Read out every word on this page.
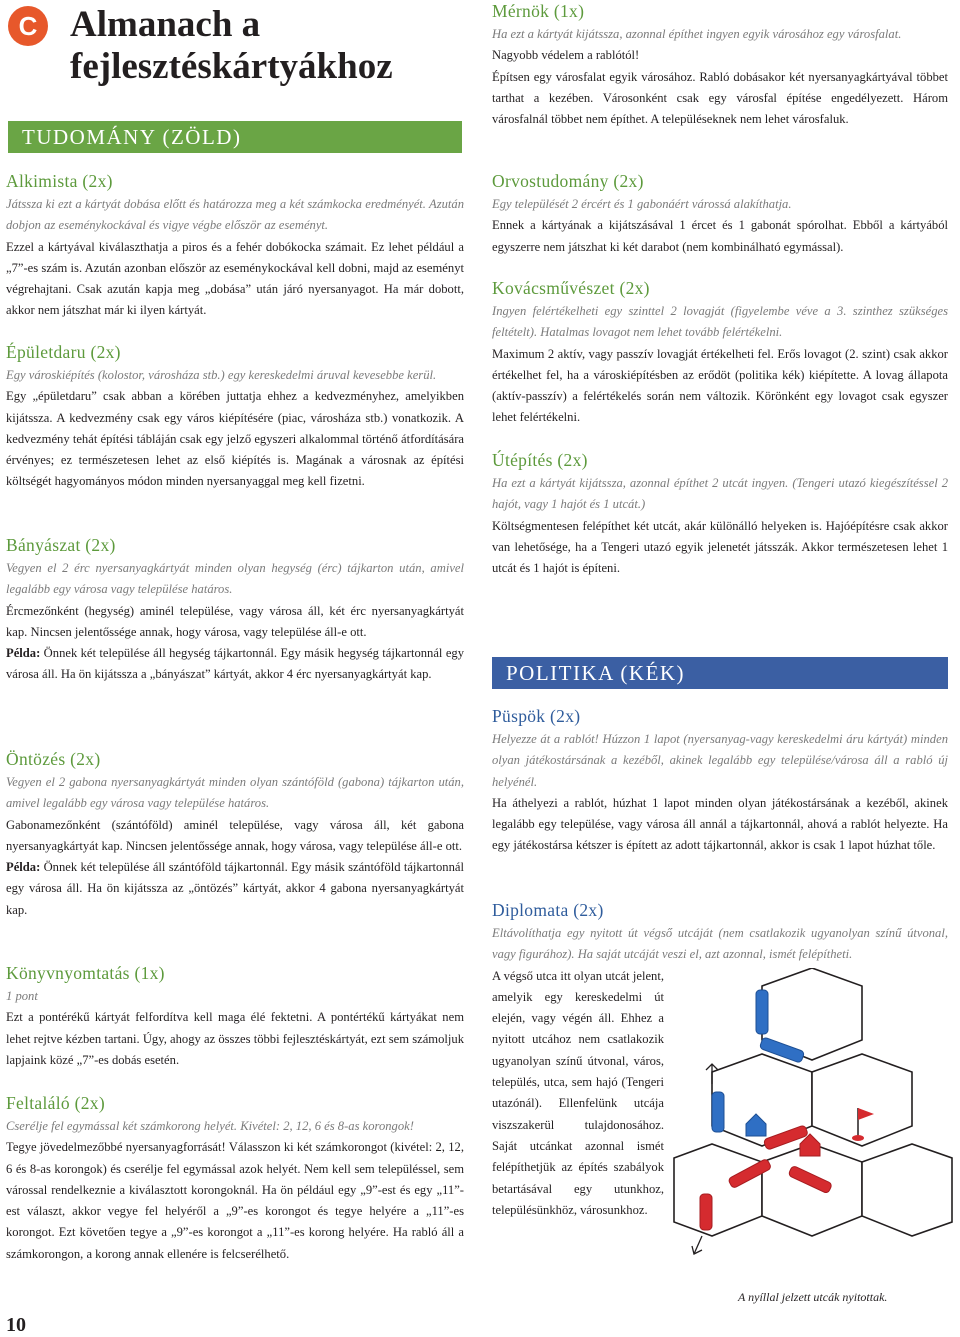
C Almanach a fejlesztéskártyákhoz
TUDOMÁNY (ZÖLD)
POLITIKA (KÉK)
Alkimista (2x)

Játssza ki ezt a kártyát dobása előtt és határozza meg a két számkocka eredményét. Azután dobjon az eseménykockával és vigye végbe először az eseményt.

Ezzel a kártyával kiválaszthatja a piros és a fehér dobókocka számait. Ez lehet például a „7”-es szám is. Azután azonban először az eseménykockával kell dobni, majd az eseményt végrehajtani. Csak azután kapja meg „dobása” után járó nyersanyagot. Ha már dobott, akkor nem játszhat már ki ilyen kártyát.

Épületdaru (2x)

Egy városkiépítés (kolostor, városháza stb.) egy kereskedelmi áruval kevesebbe kerül.

Egy „épületdaru” csak abban a körében juttatja ehhez a kedvezményhez, amelyikben kijátssza. A kedvezmény csak egy város kiépítésére (piac, városháza stb.) vonatkozik. A kedvezmény tehát építési tábláján csak egy jelző egyszeri alkalommal történő átfordítására érvényes; ez természetesen lehet az első kiépítés is. Magának a városnak az építési költségét hagyományos módon minden nyersanyaggal meg kell fizetni.

Bányászat (2x)

Vegyen el 2 érc nyersanyagkártyát minden olyan hegység (érc) tájkarton után, amivel legalább egy városa vagy települése határos.

Ércmezőnként (hegység) aminél települése, vagy városa áll, két érc nyersanyagkártyát kap. Nincsen jelentőssége annak, hogy városa, vagy települése áll-e ott.

Példa: Önnek két települése áll hegység tájkartonnál. Egy másik hegység tájkartonnál egy városa áll. Ha ön kijátssza a „bányászat” kártyát, akkor 4 érc nyersanyagkártyát kap.

Öntözés (2x)

Vegyen el 2 gabona nyersanyagkártyát minden olyan szántóföld (gabona) tájkarton után, amivel legalább egy városa vagy települése határos.

Gabonamezőnként (szántóföld) aminél települése, vagy városa áll, két gabona nyersanyagkártyát kap. Nincsen jelentőssége annak, hogy városa, vagy települése áll-e ott.

Példa: Önnek két települése áll szántóföld tájkartonnál. Egy másik szántóföld tájkartonnál egy városa áll. Ha ön kijátssza az „öntözés” kártyát, akkor 4 gabona nyersanyagkártyát kap.

Könyvnyomtatás (1x)

1 pont

Ezt a pontérékű kártyát felfordítva kell maga élé fektetni. A pontértékű kártyákat nem lehet rejtve kézben tartani. Úgy, ahogy az összes többi fejlesztéskártyát, ezt sem számoljuk lapjaink közé „7”-es dobás esetén.

Feltaláló (2x)

Cserélje fel egymással két számkorong helyét. Kivétel: 2, 12, 6 és 8-as korongok!

Tegye jövedelmezőbbé nyersanyagforrását! Válasszon ki két számkorongot (kivétel: 2, 12, 6 és 8-as korongok) és cserélje fel egymással azok helyét. Nem kell sem településsel, sem várossal rendelkeznie a kiválasztott korongoknál. Ha ön például egy „9”-est és egy „11”-est választ, akkor vegye fel helyéről a „9”-es korongot és tegye helyére a „11”-es korongot. Ezt követően tegye a „9”-es korongot a „11”-es korong helyére. Ha rabló áll a számkorongon, a korong annak ellenére is felcserélhető.

Mérnök (1x)

Ha ezt a kártyát kijátssza, azonnal építhet ingyen egyik városához egy városfalat.

Nagyobb védelem a rablótól!
Építsen egy városfalat egyik városához. Rabló dobásakor két nyersanyagkártyával többet tarthat a kezében. Városonként csak egy városfal építése engedélyezett. Három városfalnál többet nem építhet. A településeknek nem lehet városfaluk.

Orvostudomány (2x)

Egy települését 2 ércért és 1 gabonáért várossá alakíthatja.

Ennek a kártyának a kijátszásával 1 ércet és 1 gabonát spórolhat. Ebből a kártyából egyszerre nem játszhat ki két darabot (nem kombinálható egymással).

Kovácsművészet (2x)

Ingyen felértékelheti egy szinttel 2 lovagját (figyelembe véve a 3. szinthez szükséges feltételt). Hatalmas lovagot nem lehet tovább felértékelni.

Maximum 2 aktív, vagy passzív lovagját értékelheti fel. Erős lovagot (2. szint) csak akkor értékelhet fel, ha a városkiépítésben az erődöt (politika kék) kiépítette. A lovag állapota (aktív-passzív) a felértékelés során nem változik. Körönként egy lovagot csak egyszer lehet felértékelni.

Útépítés (2x)

Ha ezt a kártyát kijátssza, azonnal építhet 2 utcát ingyen. (Tengeri utazó kiegészítéssel 2 hajót, vagy 1 hajót és 1 utcát.)

Költségmentesen felépíthet két utcát, akár különálló helyeken is. Hajóépítésre csak akkor van lehetősége, ha a Tengeri utazó egyik jelenetét játsszák. Akkor természetesen lehet 1 utcát és 1 hajót is építeni.

Püspök (2x)

Helyezze át a rablót! Húzzon 1 lapot (nyersanyag-vagy kereskedelmi áru kártyát) minden olyan játékostársának a kezéből, akinek legalább egy települése/városa áll a rabló új helyénél.

Ha áthelyezi a rablót, húzhat 1 lapot minden olyan játékostársának a kezéből, akinek legalább egy települése, vagy városa áll annál a tájkartonnál, ahová a rablót helyezte. Ha egy játékostársa kétszer is épített az adott tájkartonnál, akkor is csak 1 lapot húzhat tőle.

Diplomata (2x)

Eltávolíthatja egy nyitott út végső utcáját (nem csatlakozik ugyanolyan színű útvonal, vagy figurához). Ha saját utcáját veszi el, azt azonnal, ismét felépítheti.

A végső utca itt olyan utcát jelent, amelyik egy kereskedelmi út elején, vagy végén áll. Ehhez a nyitott utcához nem csatlakozik ugyanolyan színű útvonal, város, település, utca, sem hajó (Tengeri utazónál). Ellenfelünk utcája viszszakerül tulajdonosához. Saját utcánkat azonnal ismét felépíthetjük az építés szabályok betartásával egy utunkhoz, településünkhöz, városunkhoz.

A nyíllal jelzett utcák nyitottak.
10
